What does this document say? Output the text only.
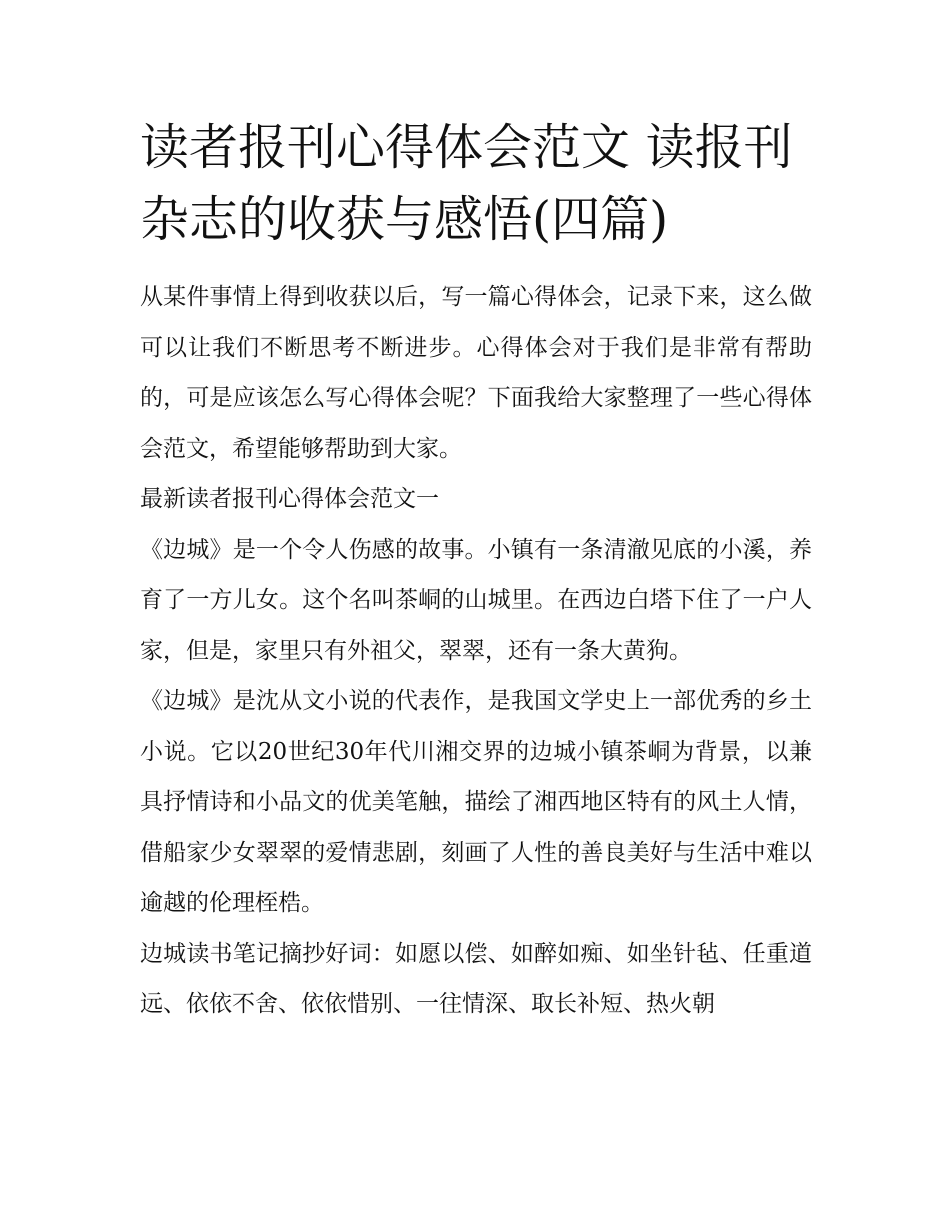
读者报刊心得体会范文 读报刊杂志的收获与感悟(四篇)

从某件事情上得到收获以后，写一篇心得体会，记录下来，这么做可以让我们不断思考不断进步。心得体会对于我们是非常有帮助的，可是应该怎么写心得体会呢？下面我给大家整理了一些心得体会范文，希望能够帮助到大家。

最新读者报刊心得体会范文一

《边城》是一个令人伤感的故事。小镇有一条清澈见底的小溪，养育了一方儿女。这个名叫茶峒的山城里。在西边白塔下住了一户人家，但是，家里只有外祖父，翠翠，还有一条大黄狗。

《边城》是沈从文小说的代表作，是我国文学史上一部优秀的乡土小说。它以20世纪30年代川湘交界的边城小镇茶峒为背景，以兼具抒情诗和小品文的优美笔触，描绘了湘西地区特有的风土人情，借船家少女翠翠的爱情悲剧，刻画了人性的善良美好与生活中难以逾越的伦理桎梏。

边城读书笔记摘抄好词：如愿以偿、如醉如痴、如坐针毡、任重道远、依依不舍、依依惜别、一往情深、取长补短、热火朝
